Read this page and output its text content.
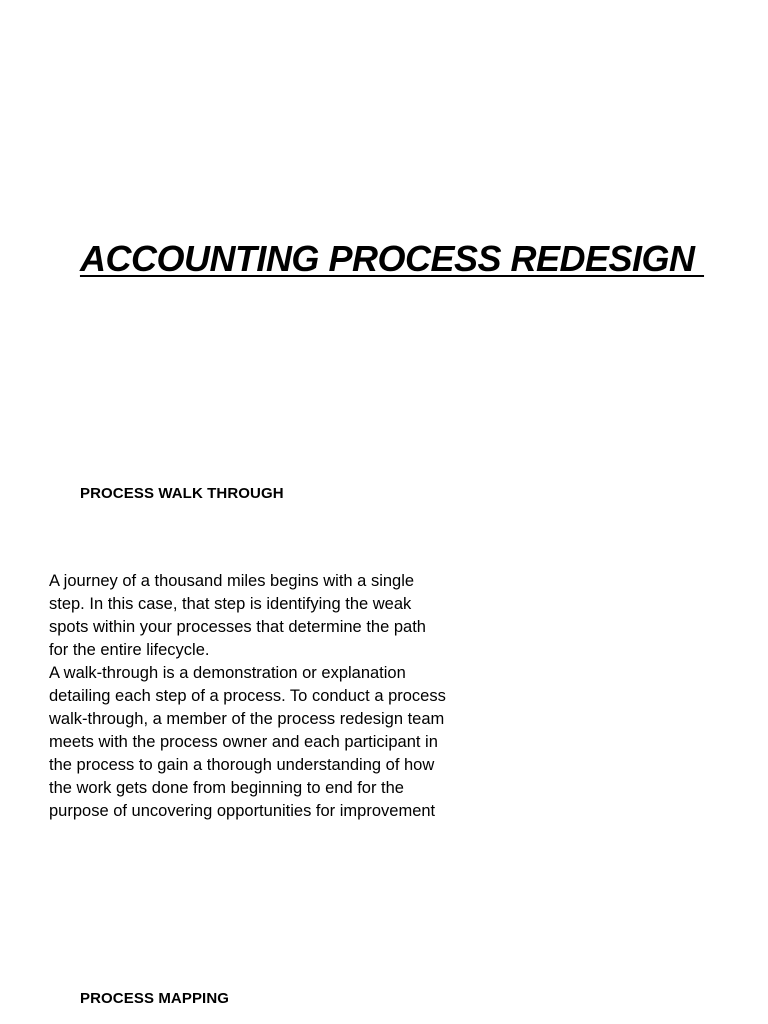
ACCOUNTING PROCESS REDESIGN
PROCESS WALK THROUGH

A journey of a thousand miles begins with a single step. In this case, that step is identifying the weak spots within your processes that determine the path for the entire lifecycle.

A walk-through is a demonstration or explanation detailing each step of a process. To conduct a process walk-through, a member of the process redesign team meets with the process owner and each participant in the process to gain a thorough understanding of how the work gets done from beginning to end for the purpose of uncovering opportunities for improvement

PROCESS MAPPING
